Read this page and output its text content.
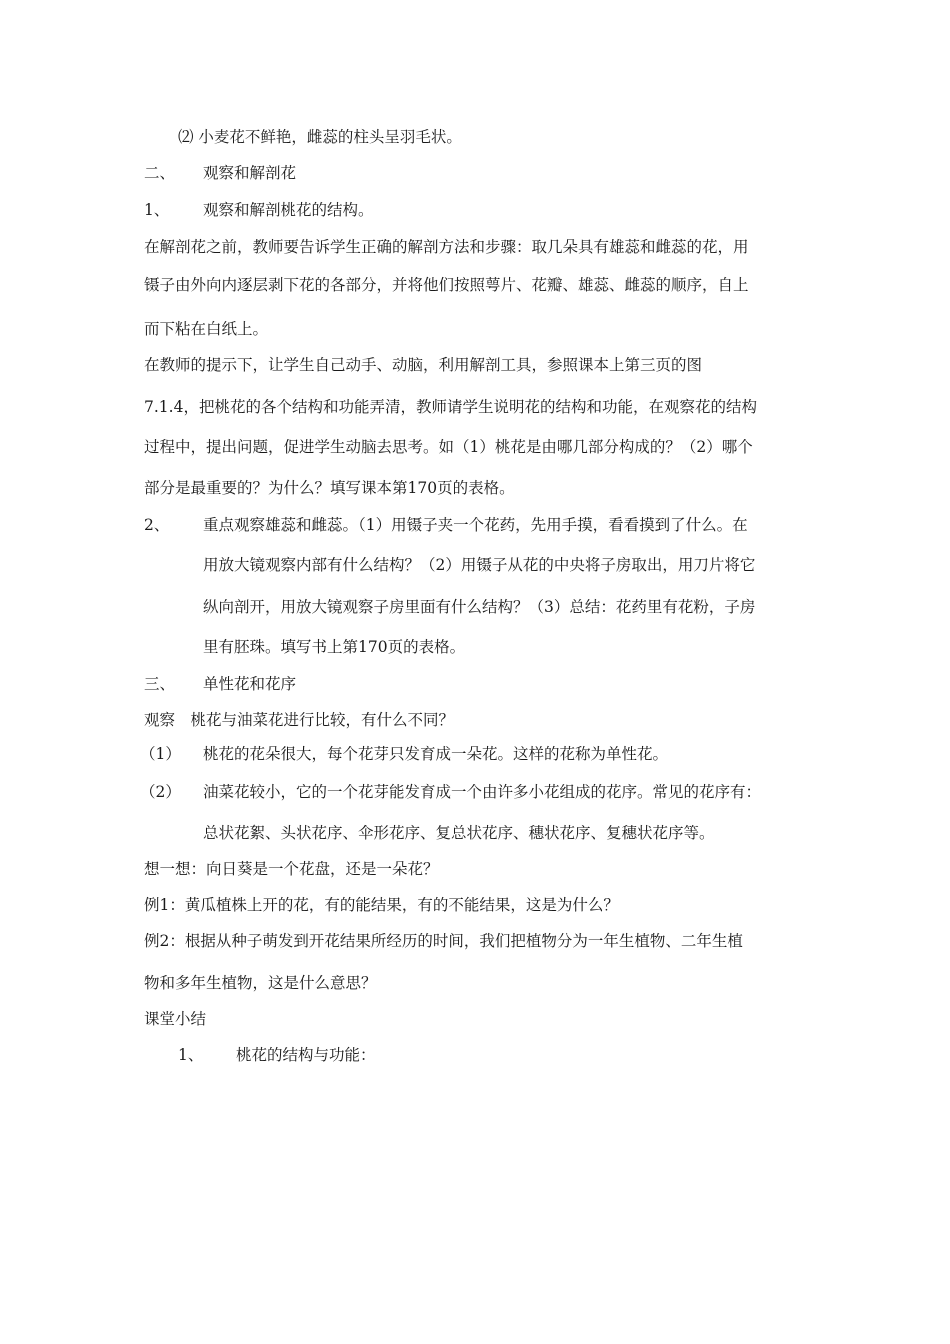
⑵ 小麦花不鲜艳，雌蕊的柱头呈羽毛状。
二、 观察和解剖花
1、 观察和解剖桃花的结构。
在解剖花之前，教师要告诉学生正确的解剖方法和步骤：取几朵具有雄蕊和雌蕊的花，用
镊子由外向内逐层剥下花的各部分，并将他们按照萼片、花瓣、雄蕊、雌蕊的顺序，自上
而下粘在白纸上。
在教师的提示下，让学生自己动手、动脑，利用解剖工具，参照课本上第三页的图
7.1.4，把桃花的各个结构和功能弄清，教师请学生说明花的结构和功能，在观察花的结构
过程中，提出问题，促进学生动脑去思考。如（1）桃花是由哪几部分构成的？（2）哪个
部分是最重要的？为什么？填写课本第170页的表格。
2、 重点观察雄蕊和雌蕊。（1）用镊子夹一个花药，先用手摸，看看摸到了什么。在
用放大镜观察内部有什么结构？（2）用镊子从花的中央将子房取出，用刀片将它
纵向剖开，用放大镜观察子房里面有什么结构？（3）总结：花药里有花粉，子房
里有胚珠。填写书上第170页的表格。
三、 单性花和花序
观察　桃花与油菜花进行比较，有什么不同？
（1） 桃花的花朵很大，每个花芽只发育成一朵花。这样的花称为单性花。
（2） 油菜花较小，它的一个花芽能发育成一个由许多小花组成的花序。常见的花序有：
总状花絮、头状花序、伞形花序、复总状花序、穗状花序、复穗状花序等。
想一想：向日葵是一个花盘，还是一朵花？
例1：黄瓜植株上开的花，有的能结果，有的不能结果，这是为什么？
例2：根据从种子萌发到开花结果所经历的时间，我们把植物分为一年生植物、二年生植
物和多年生植物，这是什么意思？
课堂小结
1、 桃花的结构与功能：
